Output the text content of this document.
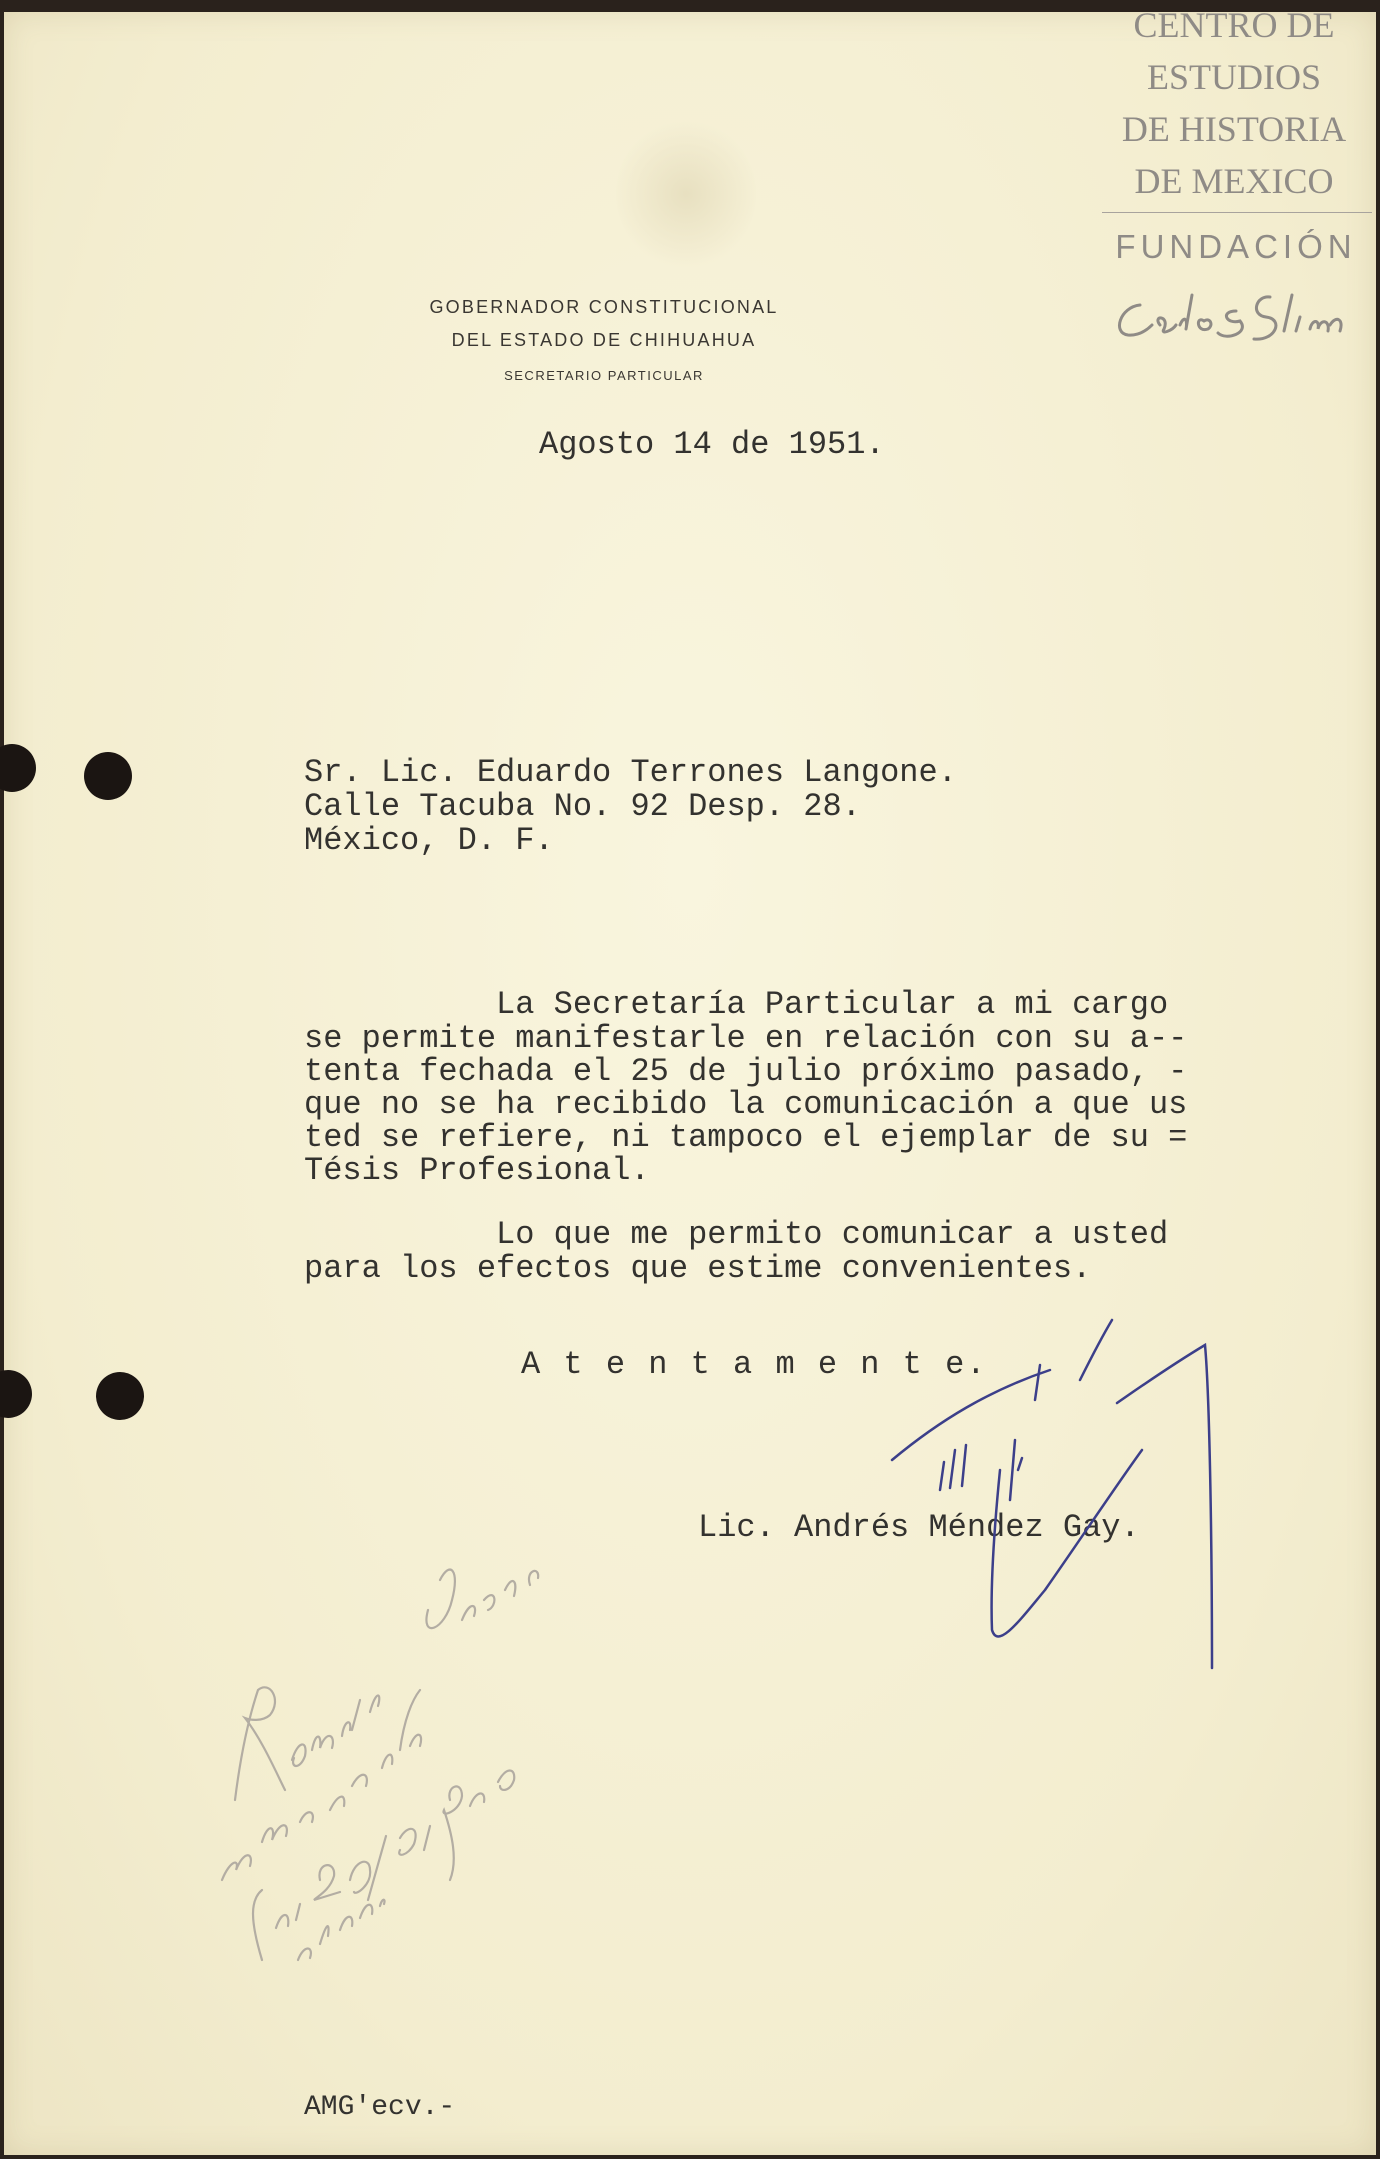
GOBERNADOR CONSTITUCIONAL
DEL ESTADO DE CHIHUAHUA
SECRETARIO PARTICULAR
Agosto 14 de 1951.
Sr. Lic. Eduardo Terrones Langone.
Calle Tacuba No. 92 Desp. 28.
México, D. F.
La Secretaría Particular a mi cargo
se permite manifestarle en relación con su a--
tenta fechada el 25 de julio próximo pasado, -
que no se ha recibido la comunicación a que us
ted se refiere, ni tampoco el ejemplar de su =
Tésis Profesional.
Lo que me permito comunicar a usted
para los efectos que estime convenientes.
A t e n t a m e n t e.
Lic. Andrés Méndez Gay.
AMG'ecv.-
CENTRO DE
ESTUDIOS
DE HISTORIA
DE MEXICO
FUNDACIÓN
